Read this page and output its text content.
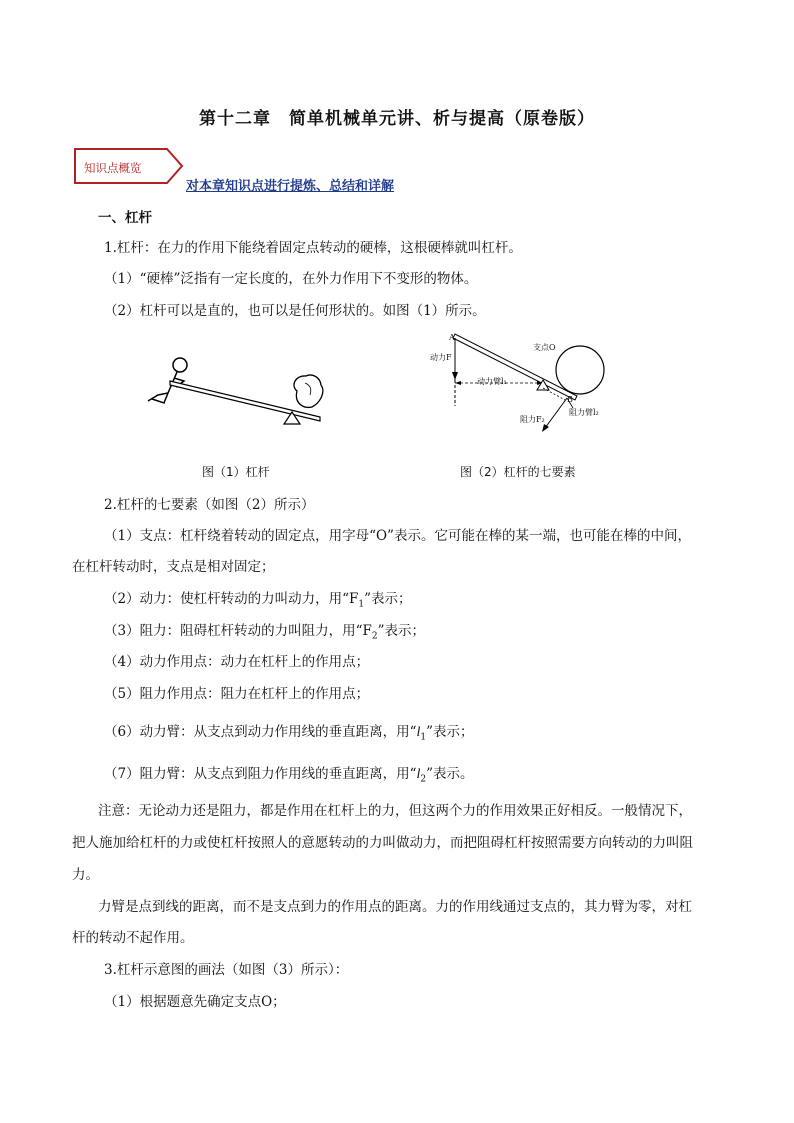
第十二章　简单机械单元讲、析与提高（原卷版）
知识点概览
对本章知识点进行提炼、总结和详解
一、杠杆
1.杠杆：在力的作用下能绕着固定点转动的硬棒，这根硬棒就叫杠杆。
（1）“硬棒”泛指有一定长度的，在外力作用下不变形的物体。
（2）杠杆可以是直的，也可以是任何形状的。如图（1）所示。
A
动力F
支点O
动力臂l₁
B
阻力F₂
阻力臂l₂
图（1）杠杆	图（2）杠杆的七要素
2.杠杆的七要素（如图（2）所示）
（1）支点：杠杆绕着转动的固定点，用字母“O”表示。它可能在棒的某一端，也可能在棒的中间，
在杠杆转动时，支点是相对固定；
（2）动力：使杠杆转动的力叫动力，用“$F_1$”表示；
（3）阻力：阻碍杠杆转动的力叫阻力，用“$F_2$”表示；
（4）动力作用点：动力在杠杆上的作用点；
（5）阻力作用点：阻力在杠杆上的作用点；
（6）动力臂：从支点到动力作用线的垂直距离，用“$l_1$”表示；
（7）阻力臂：从支点到阻力作用线的垂直距离，用“$l_2$”表示。
注意：无论动力还是阻力，都是作用在杠杆上的力，但这两个力的作用效果正好相反。一般情况下，
把人施加给杠杆的力或使杠杆按照人的意愿转动的力叫做动力，而把阻碍杠杆按照需要方向转动的力叫阻
力。
力臂是点到线的距离，而不是支点到力的作用点的距离。力的作用线通过支点的，其力臂为零，对杠
杆的转动不起作用。
3.杠杆示意图的画法（如图（3）所示）：
（1）根据题意先确定支点O；
